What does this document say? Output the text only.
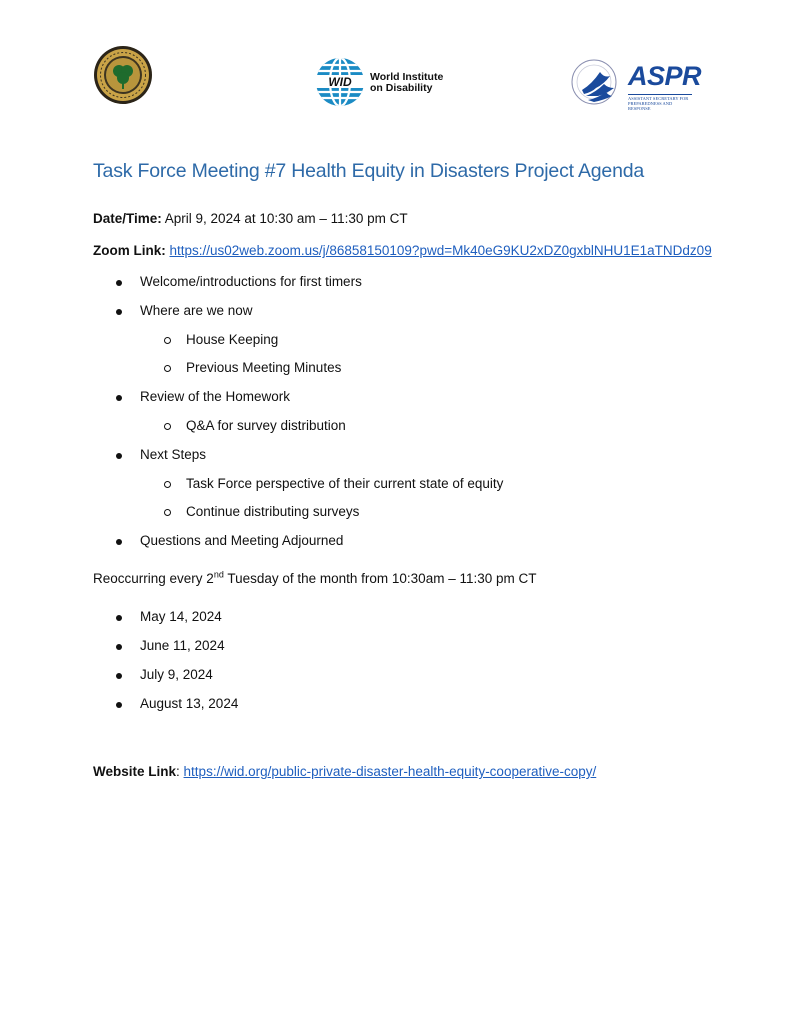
WID World Institute
on Disability	ASPR
ASSISTANT SECRETARY FOR PREPAREDNESS AND RESPONSE
Task Force Meeting #7 Health Equity in Disasters Project Agenda
Date/Time: April 9, 2024 at 10:30 am – 11:30 pm CT
Zoom Link: https://us02web.zoom.us/j/86858150109?pwd=Mk40eG9KU2xDZ0gxblNHU1E1aTNDdz09
Welcome/introductions for first timers
Where are we now
House Keeping
Previous Meeting Minutes
Review of the Homework
Q&A for survey distribution
Next Steps
Task Force perspective of their current state of equity
Continue distributing surveys
Questions and Meeting Adjourned
Reoccurring every 2nd Tuesday of the month from 10:30am – 11:30 pm CT
May 14, 2024
June 11, 2024
July 9, 2024
August 13, 2024
Website Link: https://wid.org/public-private-disaster-health-equity-cooperative-copy/
